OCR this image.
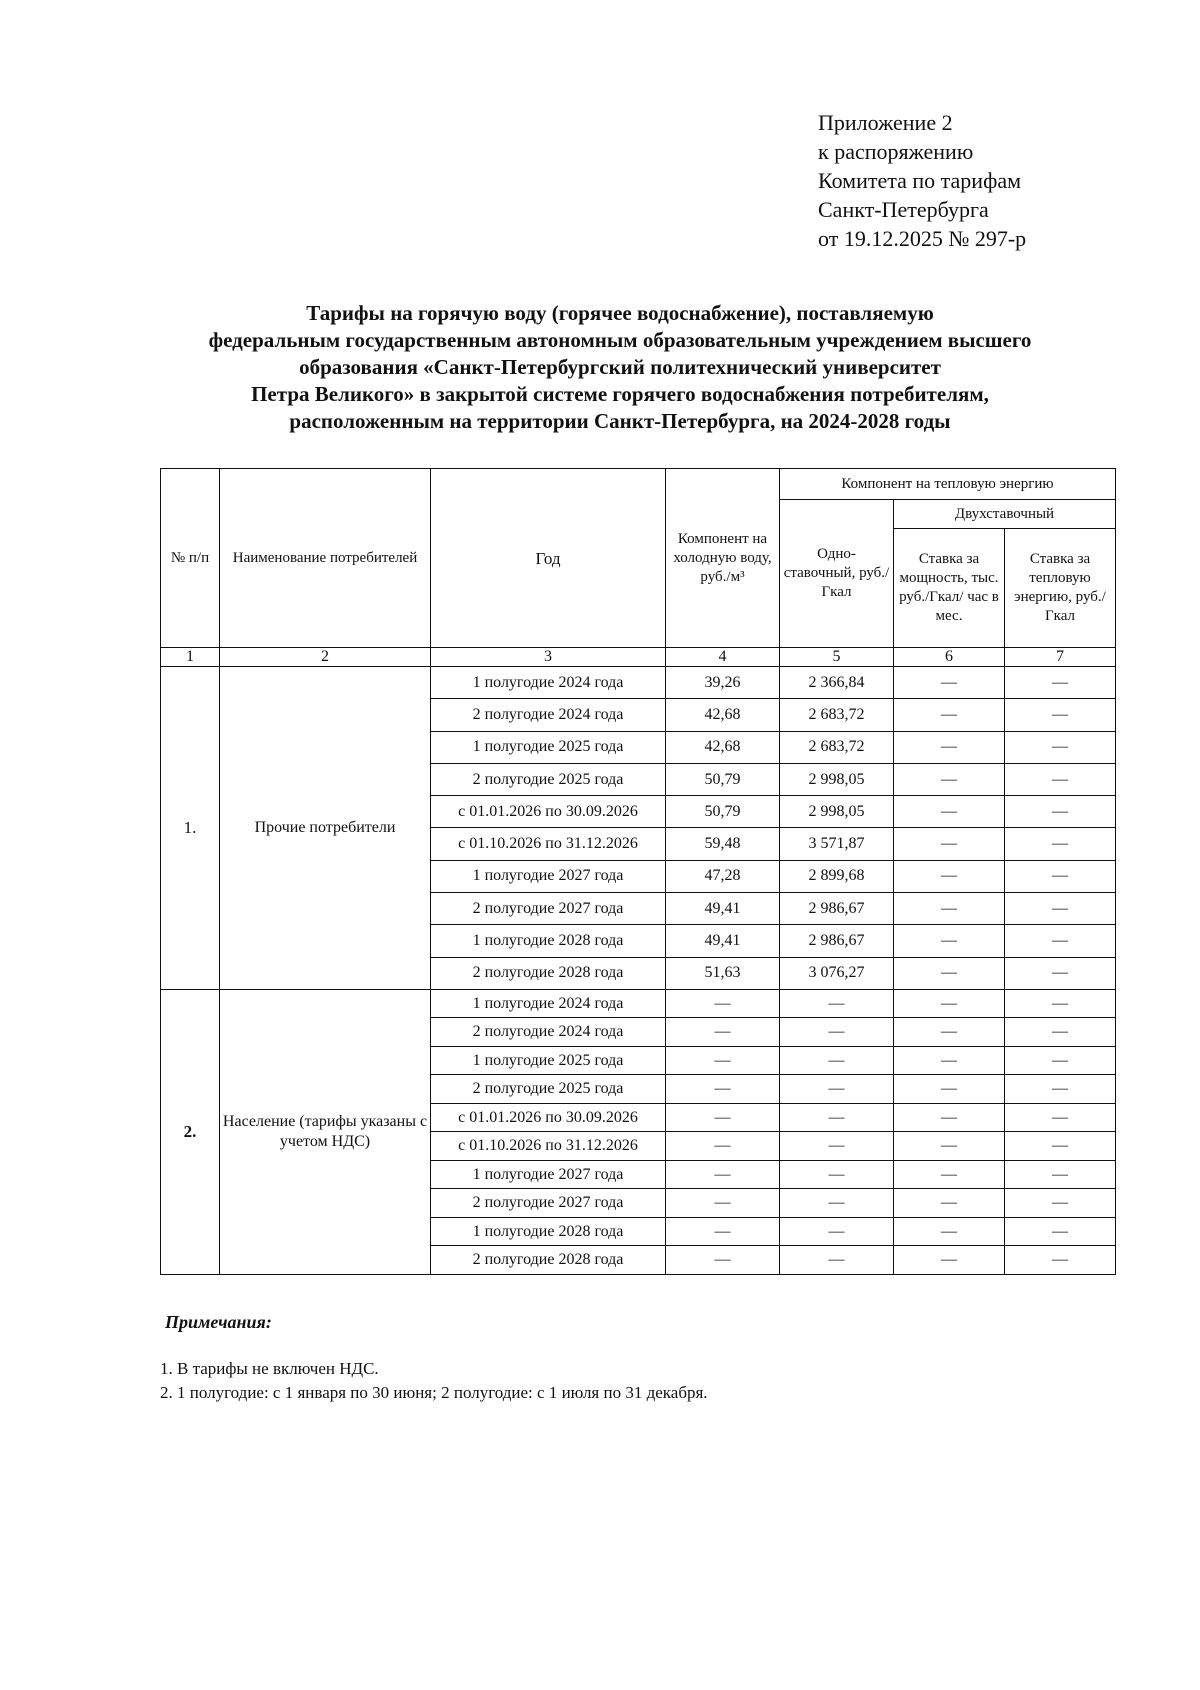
Приложение 2
к распоряжению
Комитета по тарифам
Санкт-Петербурга
от 19.12.2025 № 297-р
Тарифы на горячую воду (горячее водоснабжение), поставляемую
федеральным государственным автономным образовательным учреждением высшего
образования «Санкт-Петербургский политехнический университет
Петра Великого» в закрытой системе горячего водоснабжения потребителям,
расположенным на территории Санкт-Петербурга, на 2024-2028 годы
№ п/п	Наименование потребителей	Год	Компонент на холодную воду, руб./м³	Компонент на тепловую энергию		
				Одно-ставочный, руб./Гкал	Двухставочный	
					Ставка за мощность, тыс. руб./Гкал/ час в мес.	Ставка за тепловую энергию, руб./Гкал
1	2	3	4	5	6	7
1.	Прочие потребители	1 полугодие 2024 года	39,26	2 366,84	—	—
		2 полугодие 2024 года	42,68	2 683,72	—	—
		1 полугодие 2025 года	42,68	2 683,72	—	—
		2 полугодие 2025 года	50,79	2 998,05	—	—
		с 01.01.2026 по 30.09.2026	50,79	2 998,05	—	—
		с 01.10.2026 по 31.12.2026	59,48	3 571,87	—	—
		1 полугодие 2027 года	47,28	2 899,68	—	—
		2 полугодие 2027 года	49,41	2 986,67	—	—
		1 полугодие 2028 года	49,41	2 986,67	—	—
		2 полугодие 2028 года	51,63	3 076,27	—	—
2.	Население (тарифы указаны с учетом НДС)	1 полугодие 2024 года	—	—	—	—
		2 полугодие 2024 года	—	—	—	—
		1 полугодие 2025 года	—	—	—	—
		2 полугодие 2025 года	—	—	—	—
		с 01.01.2026 по 30.09.2026	—	—	—	—
		с 01.10.2026 по 31.12.2026	—	—	—	—
		1 полугодие 2027 года	—	—	—	—
		2 полугодие 2027 года	—	—	—	—
		1 полугодие 2028 года	—	—	—	—
		2 полугодие 2028 года	—	—	—	—
Примечания:
1. В тарифы не включен НДС.
2. 1 полугодие: с 1 января по 30 июня; 2 полугодие: с 1 июля по 31 декабря.
